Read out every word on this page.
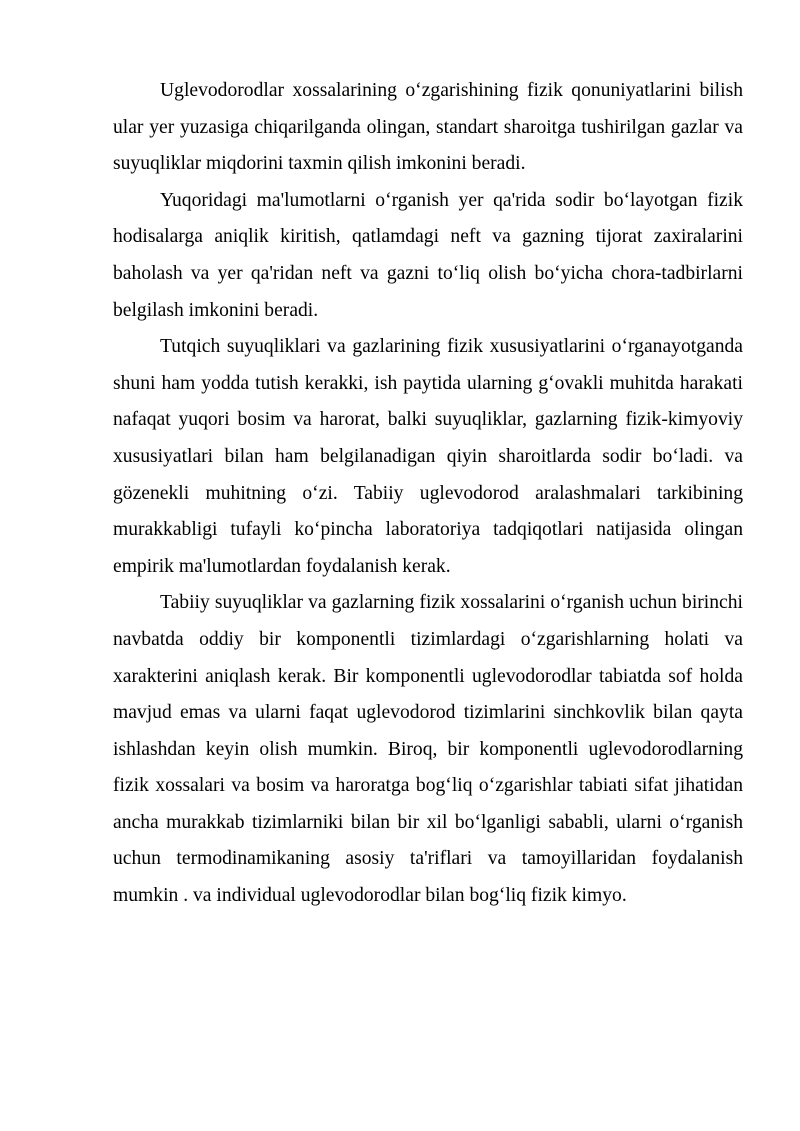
Uglevodorodlar xossalarining o‘zgarishining fizik qonuniyatlarini bilish ular yer yuzasiga chiqarilganda olingan, standart sharoitga tushirilgan gazlar va suyuqliklar miqdorini taxmin qilish imkonini beradi.

Yuqoridagi ma'lumotlarni o‘rganish yer qa'rida sodir bo‘layotgan fizik hodisalarga aniqlik kiritish, qatlamdagi neft va gazning tijorat zaxiralarini baholash va yer qa'ridan neft va gazni to‘liq olish bo‘yicha chora-tadbirlarni belgilash imkonini beradi.

Tutqich suyuqliklari va gazlarining fizik xususiyatlarini o‘rganayotganda shuni ham yodda tutish kerakki, ish paytida ularning g‘ovakli muhitda harakati nafaqat yuqori bosim va harorat, balki suyuqliklar, gazlarning fizik-kimyoviy xususiyatlari bilan ham belgilanadigan qiyin sharoitlarda sodir bo‘ladi. va gözenekli muhitning o‘zi. Tabiiy uglevodorod aralashmalari tarkibining murakkabligi tufayli ko‘pincha laboratoriya tadqiqotlari natijasida olingan empirik ma'lumotlardan foydalanish kerak.

Tabiiy suyuqliklar va gazlarning fizik xossalarini o‘rganish uchun birinchi navbatda oddiy bir komponentli tizimlardagi o‘zgarishlarning holati va xarakterini aniqlash kerak. Bir komponentli uglevodorodlar tabiatda sof holda mavjud emas va ularni faqat uglevodorod tizimlarini sinchkovlik bilan qayta ishlashdan keyin olish mumkin. Biroq, bir komponentli uglevodorodlarning fizik xossalari va bosim va haroratga bog‘liq o‘zgarishlar tabiati sifat jihatidan ancha murakkab tizimlarniki bilan bir xil bo‘lganligi sababli, ularni o‘rganish uchun termodinamikaning asosiy ta'riflari va tamoyillaridan foydalanish mumkin . va individual uglevodorodlar bilan bog‘liq fizik kimyo.
